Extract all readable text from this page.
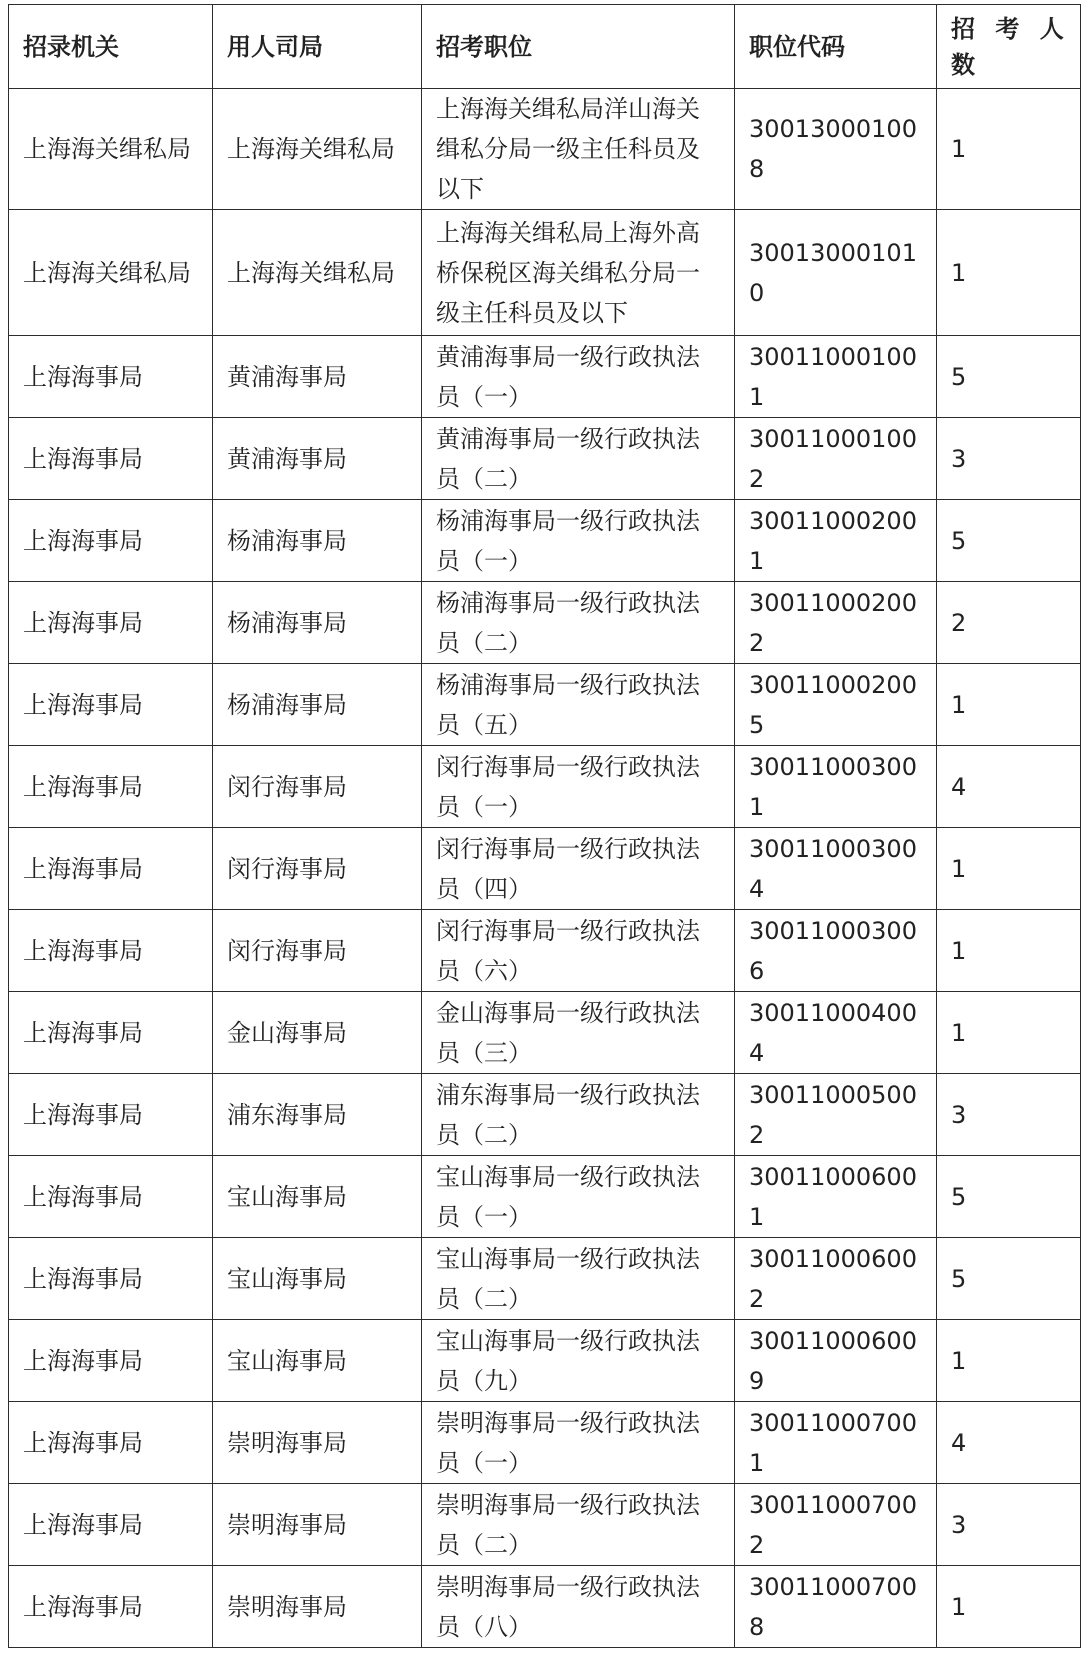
招录机关	用人司局	招考职位	职位代码	招 考 人数
上海海关缉私局	上海海关缉私局	上海海关缉私局洋山海关缉私分局一级主任科员及以下	300130001008	1
上海海关缉私局	上海海关缉私局	上海海关缉私局上海外高桥保税区海关缉私分局一级主任科员及以下	300130001010	1
上海海事局	黄浦海事局	黄浦海事局一级行政执法员（一）	300110001001	5
上海海事局	黄浦海事局	黄浦海事局一级行政执法员（二）	300110001002	3
上海海事局	杨浦海事局	杨浦海事局一级行政执法员（一）	300110002001	5
上海海事局	杨浦海事局	杨浦海事局一级行政执法员（二）	300110002002	2
上海海事局	杨浦海事局	杨浦海事局一级行政执法员（五）	300110002005	1
上海海事局	闵行海事局	闵行海事局一级行政执法员（一）	300110003001	4
上海海事局	闵行海事局	闵行海事局一级行政执法员（四）	300110003004	1
上海海事局	闵行海事局	闵行海事局一级行政执法员（六）	300110003006	1
上海海事局	金山海事局	金山海事局一级行政执法员（三）	300110004004	1
上海海事局	浦东海事局	浦东海事局一级行政执法员（二）	300110005002	3
上海海事局	宝山海事局	宝山海事局一级行政执法员（一）	300110006001	5
上海海事局	宝山海事局	宝山海事局一级行政执法员（二）	300110006002	5
上海海事局	宝山海事局	宝山海事局一级行政执法员（九）	300110006009	1
上海海事局	崇明海事局	崇明海事局一级行政执法员（一）	300110007001	4
上海海事局	崇明海事局	崇明海事局一级行政执法员（二）	300110007002	3
上海海事局	崇明海事局	崇明海事局一级行政执法员（八）	300110007008	1
